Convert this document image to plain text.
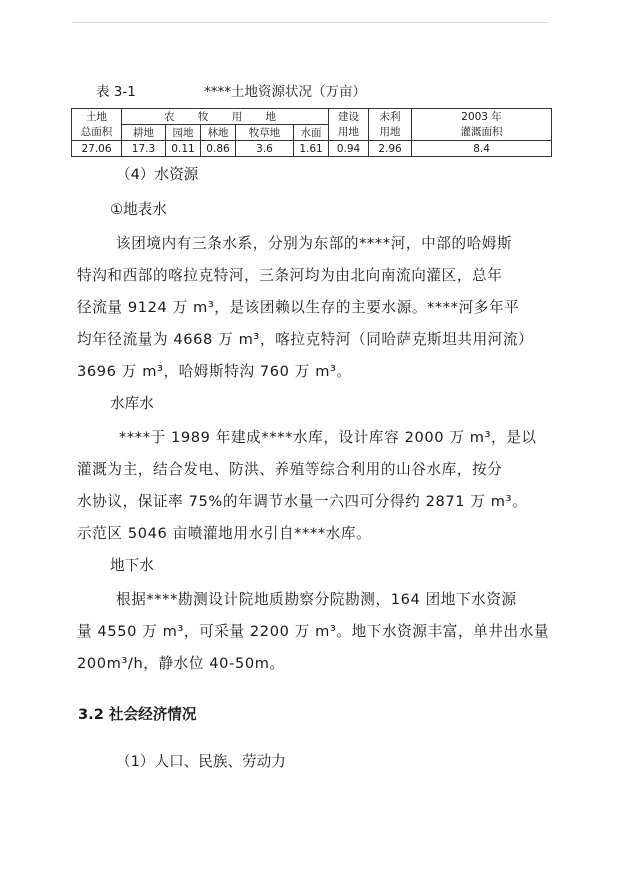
表 3-1	****土地资源状况（万亩）
土地	农 牧 用 地					建设	未利	2003 年
总面积	耕地	园地	林地	牧草地	水面	用地	用地	灌溉面积
27.06	17.3	0.11	0.86	3.6	1.61	0.94	2.96	8.4
（4）水资源
①地表水
该团境内有三条水系，分别为东部的****河，中部的哈姆斯
特沟和西部的喀拉克特河，三条河均为由北向南流向灌区，总年
径流量 9124 万 m³，是该团赖以生存的主要水源。****河多年平
均年径流量为 4668 万 m³，喀拉克特河（同哈萨克斯坦共用河流）
3696 万 m³，哈姆斯特沟 760 万 m³。
水库水
****于 1989 年建成****水库，设计库容 2000 万 m³，是以
灌溉为主，结合发电、防洪、养殖等综合利用的山谷水库，按分
水协议，保证率 75%的年调节水量一六四可分得约 2871 万 m³。
示范区 5046 亩喷灌地用水引自****水库。
地下水
根据****勘测设计院地质勘察分院勘测，164 团地下水资源
量 4550 万 m³，可采量 2200 万 m³。地下水资源丰富，单井出水量
200m³/h，静水位 40-50m。
3.2 社会经济情况
（1）人口、民族、劳动力
